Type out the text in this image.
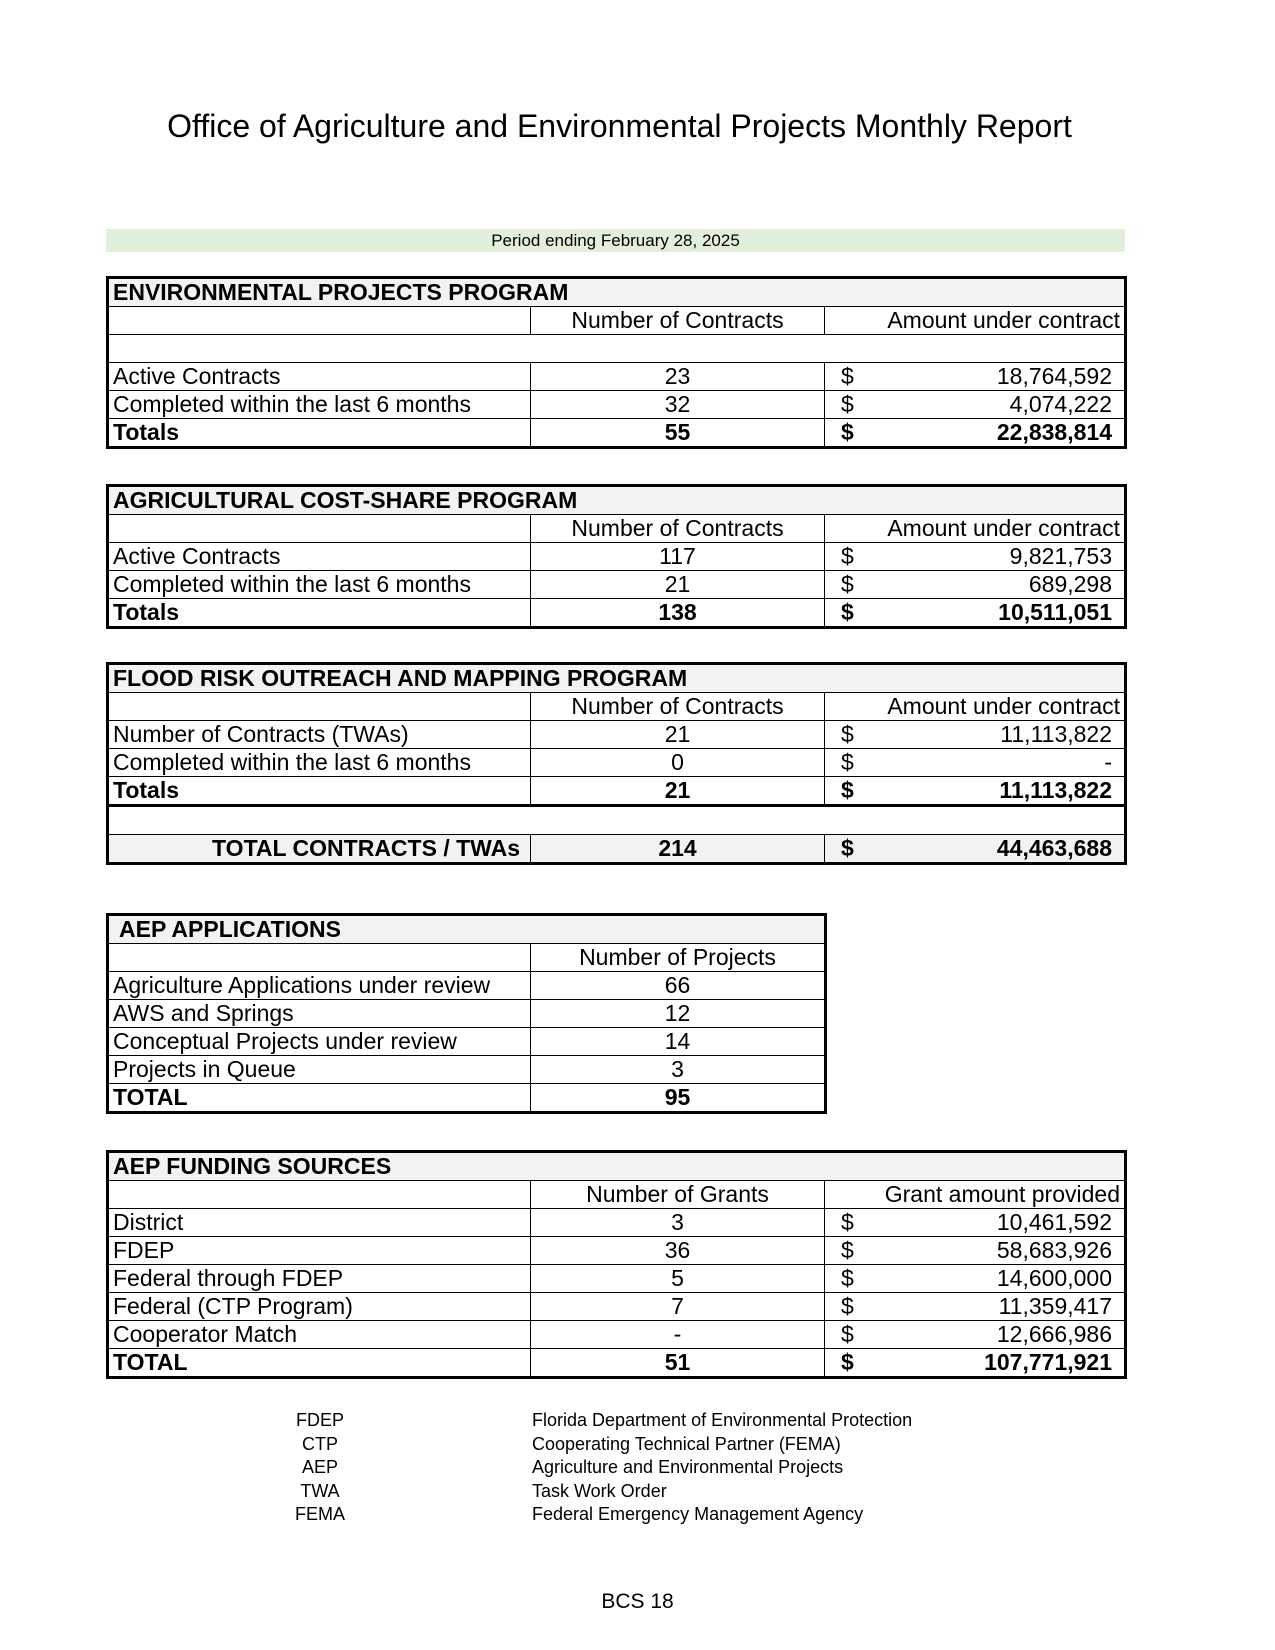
Office of Agriculture and Environmental Projects Monthly Report
Period ending February 28, 2025
ENVIRONMENTAL PROJECTS PROGRAM		
	Number of Contracts	Amount under contract

Active Contracts	23	$ 18,764,592

Completed within the last 6 months	32	$ 4,074,222

Totals	55	$ 22,838,814
AGRICULTURAL COST-SHARE PROGRAM		
	Number of Contracts	Amount under contract
Active Contracts	117	$ 9,821,753

Completed within the last 6 months	21	$ 689,298

Totals	138	$ 10,511,051
FLOOD RISK OUTREACH AND MAPPING PROGRAM		
	Number of Contracts	Amount under contract
Number of Contracts (TWAs)	21	$ 11,113,822

Completed within the last 6 months	0	$ -

Totals	21	$ 11,113,822

TOTAL CONTRACTS / TWAs	214	$ 44,463,688
AEP APPLICATIONS	
	Number of Projects
Agriculture Applications under review	66
AWS and Springs	12
Conceptual Projects under review	14
Projects in Queue	3
TOTAL	95
AEP FUNDING SOURCES		
	Number of Grants	Grant amount provided
District	3	$ 10,461,592

FDEP	36	$ 58,683,926

Federal through FDEP	5	$ 14,600,000

Federal (CTP Program)	7	$ 11,359,417

Cooperator Match	-	$ 12,666,986

TOTAL	51	$ 107,771,921
FDEP	Florida Department of Environmental Protection
CTP	Cooperating Technical Partner (FEMA)
AEP	Agriculture and Environmental Projects
TWA	Task Work Order
FEMA	Federal Emergency Management Agency
BCS 18
